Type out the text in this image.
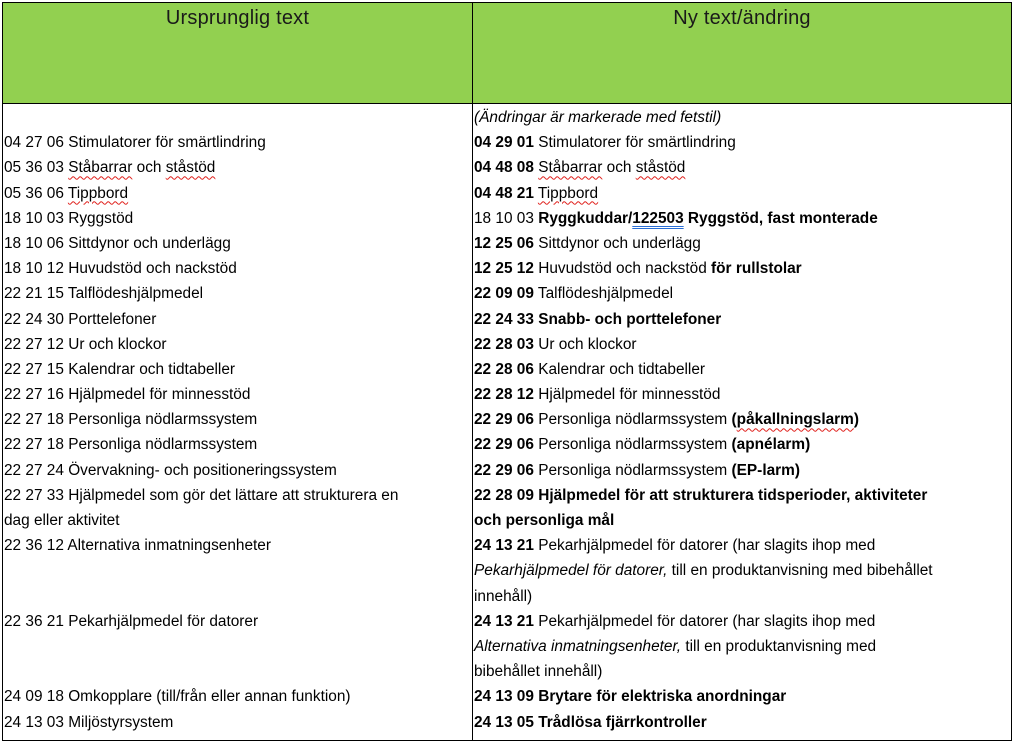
Ursprunglig text	Ny text/ändring
04 27 06 Stimulatorer för smärtlindring
05 36 03 Ståbarrar och ståstöd
05 36 06 Tippbord
18 10 03 Ryggstöd
18 10 06 Sittdynor och underlägg
18 10 12 Huvudstöd och nackstöd
22 21 15 Talflödeshjälpmedel
22 24 30 Porttelefoner
22 27 12 Ur och klockor
22 27 15 Kalendrar och tidtabeller
22 27 16 Hjälpmedel för minnesstöd
22 27 18 Personliga nödlarmssystem
22 27 18 Personliga nödlarmssystem
22 27 24 Övervakning- och positioneringssystem
22 27 33 Hjälpmedel som gör det lättare att strukturera en
dag eller aktivitet
22 36 12 Alternativa inmatningsenheter
22 36 21 Pekarhjälpmedel för datorer
24 09 18 Omkopplare (till/från eller annan funktion)
24 13 03 Miljöstyrsystem
(Ändringar är markerade med fetstil)
04 29 01 Stimulatorer för smärtlindring
04 48 08 Ståbarrar och ståstöd
04 48 21 Tippbord
18 10 03 Ryggkuddar/122503 Ryggstöd, fast monterade
12 25 06 Sittdynor och underlägg
12 25 12 Huvudstöd och nackstöd för rullstolar
22 09 09 Talflödeshjälpmedel
22 24 33 Snabb- och porttelefoner
22 28 03 Ur och klockor
22 28 06 Kalendrar och tidtabeller
22 28 12 Hjälpmedel för minnesstöd
22 29 06 Personliga nödlarmssystem (påkallningslarm)
22 29 06 Personliga nödlarmssystem (apnélarm)
22 29 06 Personliga nödlarmssystem (EP-larm)
22 28 09 Hjälpmedel för att strukturera tidsperioder, aktiviteter
och personliga mål
24 13 21 Pekarhjälpmedel för datorer (har slagits ihop med
Pekarhjälpmedel för datorer, till en produktanvisning med bibehållet
innehåll)
24 13 21 Pekarhjälpmedel för datorer (har slagits ihop med
Alternativa inmatningsenheter, till en produktanvisning med
bibehållet innehåll)
24 13 09 Brytare för elektriska anordningar
24 13 05 Trådlösa fjärrkontroller
